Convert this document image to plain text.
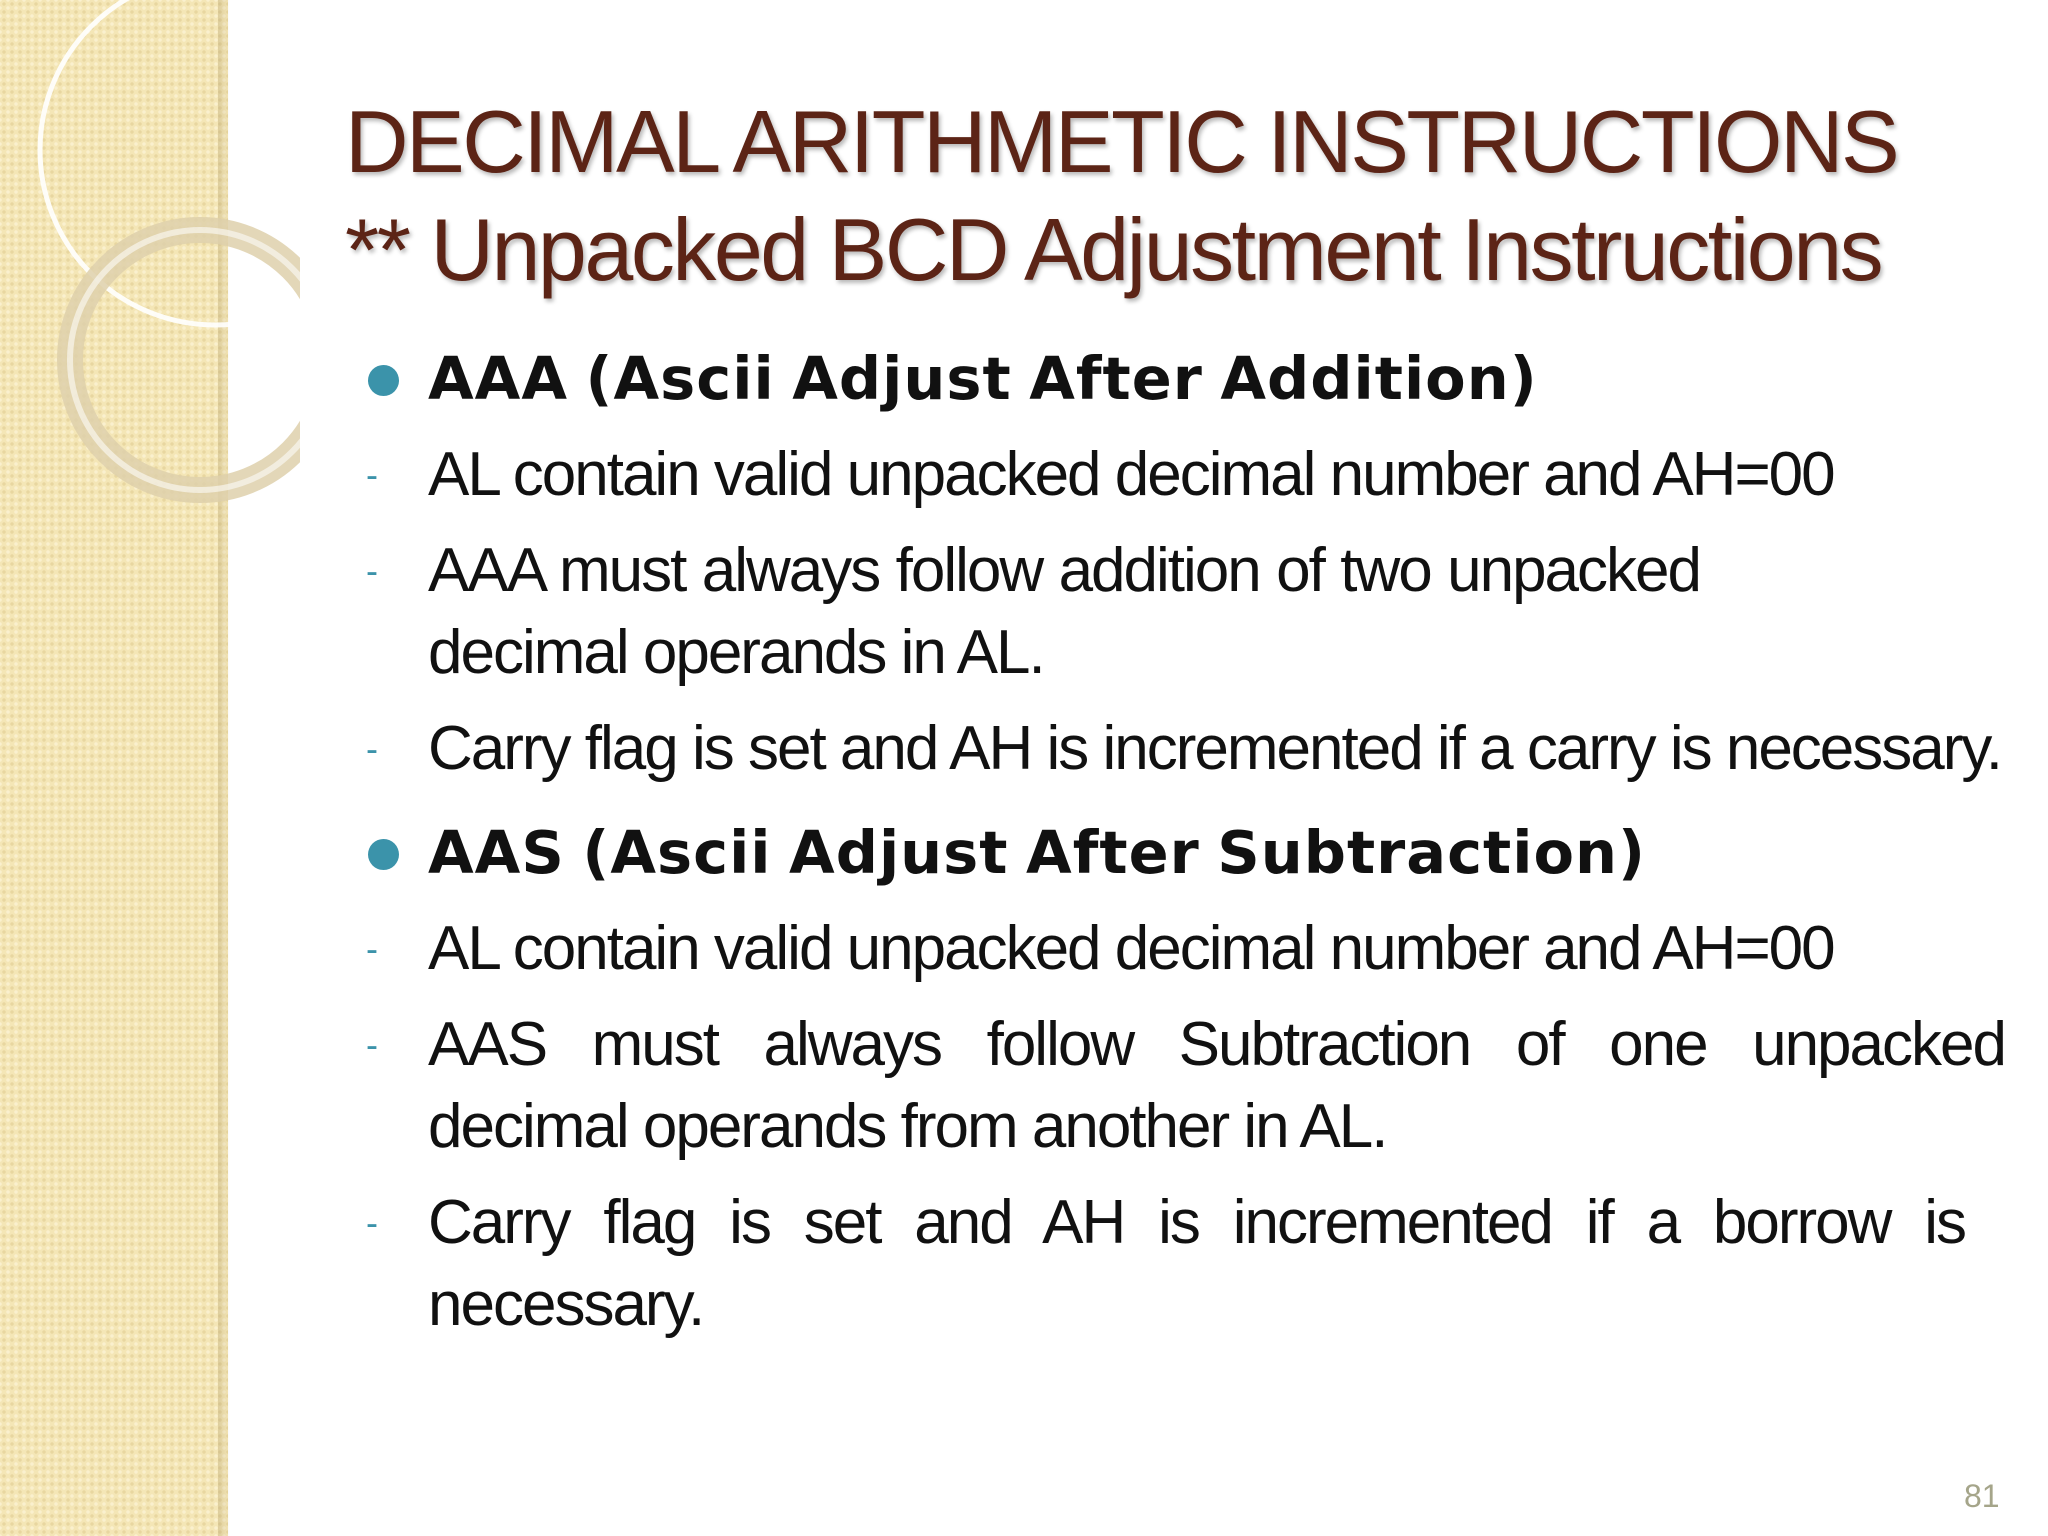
DECIMAL ARITHMETIC INSTRUCTIONS
** Unpacked BCD Adjustment Instructions
AAA (Ascii Adjust After Addition)
- AL contain valid unpacked decimal number and AH=00
- AAA must always follow addition of two unpacked decimal operands in AL.
- Carry flag is set and AH is incremented if a carry is necessary.
AAS (Ascii Adjust After Subtraction)
- AL contain valid unpacked decimal number and AH=00
- AAS must always follow Subtraction of one unpacked decimal operands from another in AL.
- Carry flag is set and AH is incremented if a borrow is necessary.
81
